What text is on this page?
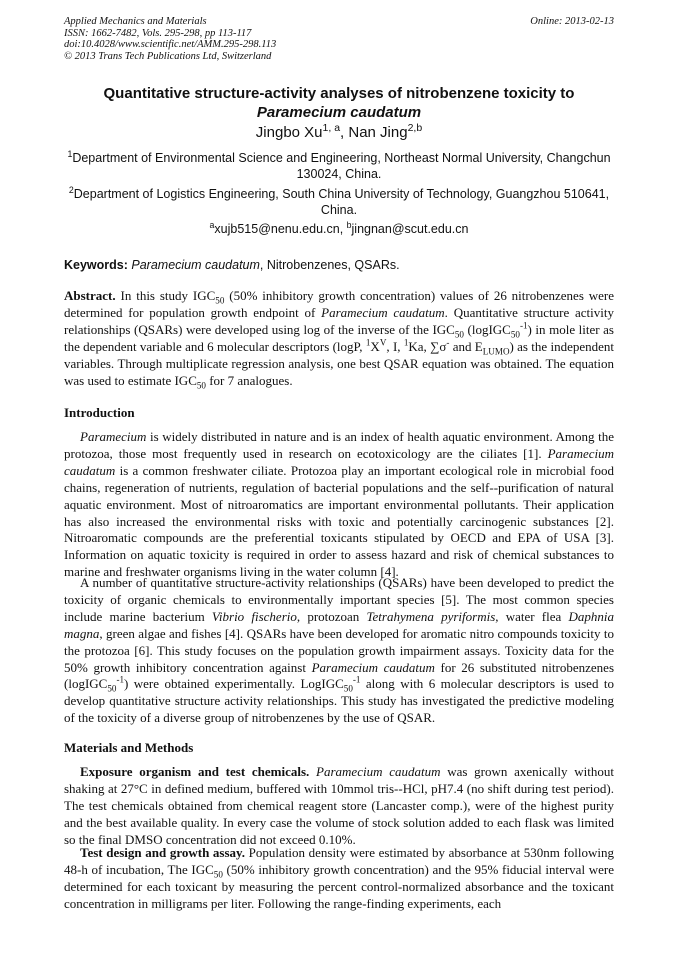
Applied Mechanics and Materials
ISSN: 1662-7482, Vols. 295-298, pp 113-117
doi:10.4028/www.scientific.net/AMM.295-298.113
© 2013 Trans Tech Publications Ltd, Switzerland
Online: 2013-02-13
Quantitative structure-activity analyses of nitrobenzene toxicity to
Paramecium caudatum
Jingbo Xu$^{1, a}$, Nan Jing$^{2,b}$
$^1$Department of Environmental Science and Engineering, Northeast Normal University, Changchun 130024, China.
$^2$Department of Logistics Engineering, South China University of Technology, Guangzhou 510641, China.
$^a$xujb515@nenu.edu.cn, $^b$jingnan@scut.edu.cn
Keywords: Paramecium caudatum, Nitrobenzenes, QSARs.
Abstract. In this study $IGC_{50}$ (50% inhibitory growth concentration) values of 26 nitrobenzenes were determined for population growth endpoint of Paramecium caudatum. Quantitative structure activity relationships (QSARs) were developed using log of the inverse of the $IGC_{50}$ (logIGC$_{50}^{-1}$) in mole liter as the dependent variable and 6 molecular descriptors (logP, $^1X^V$, I, $^1$Ka, ∑σ- and $E_{LUMO}$) as the independent variables. Through multiplicate regression analysis, one best QSAR equation was obtained. The equation was used to estimate $IGC_{50}$ for 7 analogues.
Introduction
Paramecium is widely distributed in nature and is an index of health aquatic environment. Among the protozoa, those most frequently used in research on ecotoxicology are the ciliates [1]. Paramecium caudatum is a common freshwater ciliate. Protozoa play an important ecological role in microbial food chains, regeneration of nutrients, regulation of bacterial populations and the self--purification of natural aquatic environment. Most of nitroaromatics are important environmental pollutants. Their application has also increased the environmental risks with toxic and potentially carcinogenic substances [2]. Nitroaromatic compounds are the preferential toxicants stipulated by OECD and EPA of USA [3]. Information on aquatic toxicity is required in order to assess hazard and risk of chemical substances to marine and freshwater organisms living in the water column [4].
A number of quantitative structure-activity relationships (QSARs) have been developed to predict the toxicity of organic chemicals to environmentally important species [5]. The most common species include marine bacterium Vibrio fischerio, protozoan Tetrahymena pyriformis, water flea Daphnia magna, green algae and fishes [4]. QSARs have been developed for aromatic nitro compounds toxicity to the protozoa [6]. This study focuses on the population growth impairment assays. Toxicity data for the 50% growth inhibitory concentration against Paramecium caudatum for 26 substituted nitrobenzenes (logIGC$_{50}^{-1}$) were obtained experimentally. LogIGC$_{50}^{-1}$ along with 6 molecular descriptors is used to develop quantitative structure activity relationships. This study has investigated the predictive modeling of the toxicity of a diverse group of nitrobenzenes by the use of QSAR.
Materials and Methods
Exposure organism and test chemicals. Paramecium caudatum was grown axenically without shaking at 27°C in defined medium, buffered with 10mmol tris--HCl, pH7.4 (no shift during test period). The test chemicals obtained from chemical reagent store (Lancaster comp.), were of the highest purity and the best available quality. In every case the volume of stock solution added to each flask was limited so the final DMSO concentration did not exceed 0.10%.
Test design and growth assay. Population density were estimated by absorbance at 530nm following 48-h of incubation, The $IGC_{50}$ (50% inhibitory growth concentration) and the 95% fiducial interval were determined for each toxicant by measuring the percent control-normalized absorbance and the toxicant concentration in milligrams per liter. Following the range-finding experiments, each
